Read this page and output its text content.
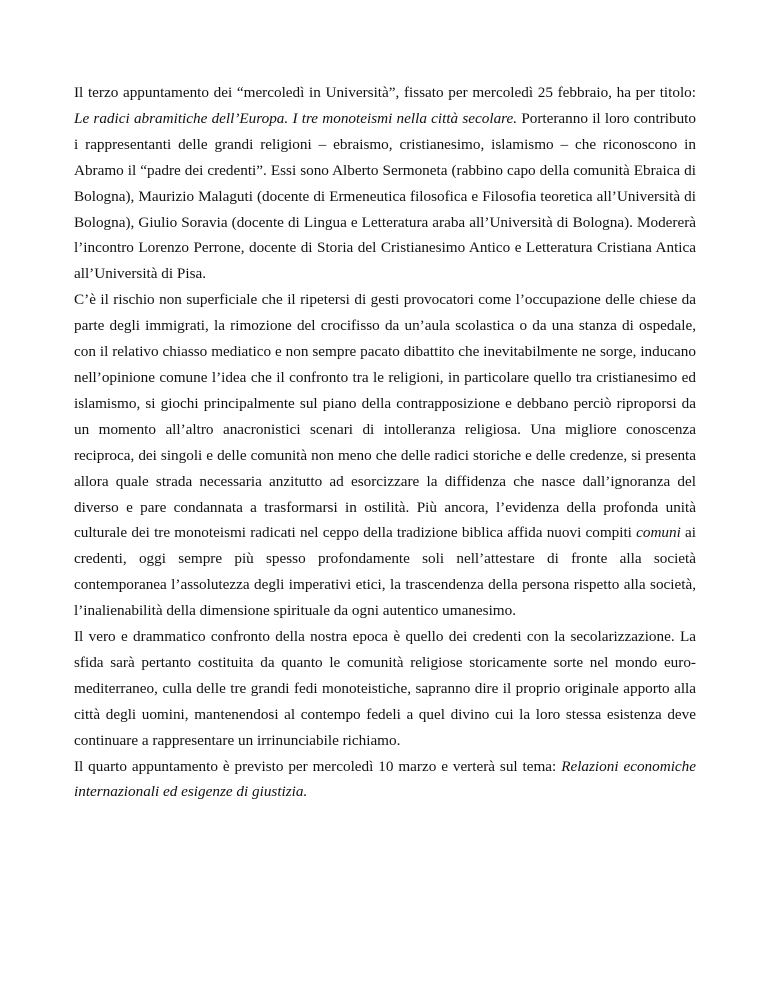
Il terzo appuntamento dei “mercoledì in Università”, fissato per mercoledì 25 febbraio, ha per titolo: Le radici abramitiche dell’Europa. I tre monoteismi nella città secolare. Porteranno il loro contributo i rappresentanti delle grandi religioni – ebraismo, cristianesimo, islamismo – che riconoscono in Abramo il “padre dei credenti”. Essi sono Alberto Sermoneta (rabbino capo della comunità Ebraica di Bologna), Maurizio Malaguti (docente di Ermeneutica filosofica e Filosofia teoretica all’Università di Bologna), Giulio Soravia (docente di Lingua e Letteratura araba all’Università di Bologna). Modererà l’incontro Lorenzo Perrone, docente di Storia del Cristianesimo Antico e Letteratura Cristiana Antica all’Università di Pisa.

C’è il rischio non superficiale che il ripetersi di gesti provocatori come l’occupazione delle chiese da parte degli immigrati, la rimozione del crocifisso da un’aula scolastica o da una stanza di ospedale, con il relativo chiasso mediatico e non sempre pacato dibattito che inevitabilmente ne sorge, inducano nell’opinione comune l’idea che il confronto tra le religioni, in particolare quello tra cristianesimo ed islamismo, si giochi principalmente sul piano della contrapposizione e debbano perciò riproporsi da un momento all’altro anacronistici scenari di intolleranza religiosa. Una migliore conoscenza reciproca, dei singoli e delle comunità non meno che delle radici storiche e delle credenze, si presenta allora quale strada necessaria anzitutto ad esorcizzare la diffidenza che nasce dall’ignoranza del diverso e pare condannata a trasformarsi in ostilità. Più ancora, l’evidenza della profonda unità culturale dei tre monoteismi radicati nel ceppo della tradizione biblica affida nuovi compiti comuni ai credenti, oggi sempre più spesso profondamente soli nell’attestare di fronte alla società contemporanea l’assolutezza degli imperativi etici, la trascendenza della persona rispetto alla società, l’inalienabilità della dimensione spirituale da ogni autentico umanesimo.

Il vero e drammatico confronto della nostra epoca è quello dei credenti con la secolarizzazione. La sfida sarà pertanto costituita da quanto le comunità religiose storicamente sorte nel mondo euro-mediterraneo, culla delle tre grandi fedi monoteistiche, sapranno dire il proprio originale apporto alla città degli uomini, mantenendosi al contempo fedeli a quel divino cui la loro stessa esistenza deve continuare a rappresentare un irrinunciabile richiamo.

Il quarto appuntamento è previsto per mercoledì 10 marzo e verterà sul tema: Relazioni economiche internazionali ed esigenze di giustizia.
